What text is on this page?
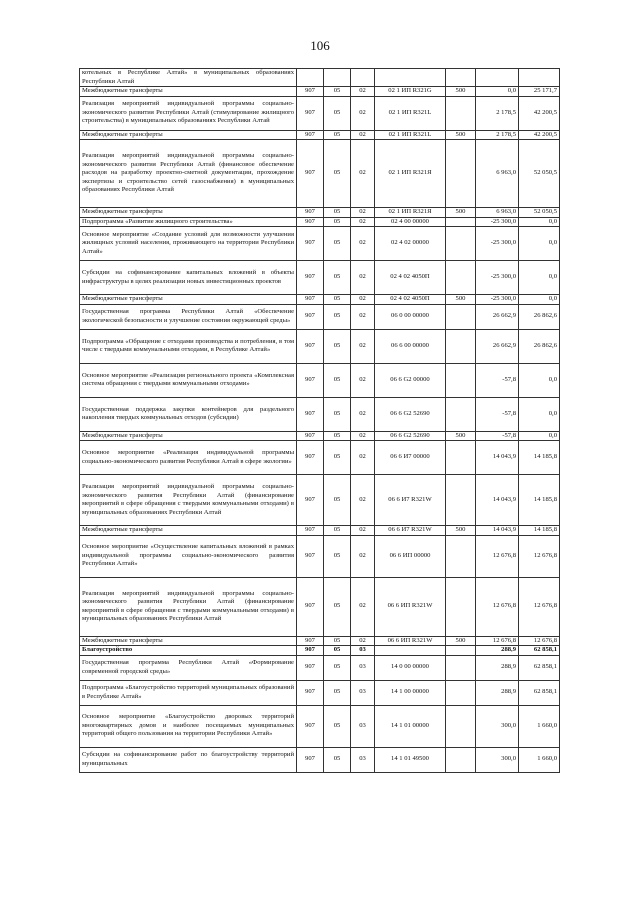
106
котельных в Республике Алтай» в муниципальных образованиях Республики Алтай							
Межбюджетные трансферты	907	05	02	02 1 ИП R321G	500	0,0	25 171,7
Реализация мероприятий индивидуальной программы социально-экономического развития Республики Алтай (стимулирование жилищного строительства) в муниципальных образованиях Республики Алтай	907	05	02	02 1 ИП R321L		2 178,5	42 200,5
Межбюджетные трансферты	907	05	02	02 1 ИП R321L	500	2 178,5	42 200,5
Реализация мероприятий индивидуальной программы социально-экономического развития Республики Алтай (финансовое обеспечение расходов на разработку проектно-сметной документации, прохождение экспертизы и строительство сетей газоснабжения) в муниципальных образованиях Республики Алтай	907	05	02	02 1 ИП R321Я		6 963,0	52 050,5
Межбюджетные трансферты	907	05	02	02 1 ИП R321Я	500	6 963,0	52 050,5
Подпрограмма «Развитие жилищного строительства»	907	05	02	02 4 00 00000		-25 300,0	0,0
Основное мероприятие «Создание условий для возможности улучшения жилищных условий населения, проживающего на территории Республики Алтай»	907	05	02	02 4 02 00000		-25 300,0	0,0
Субсидии на софинансирование капитальных вложений в объекты инфраструктуры в целях реализации новых инвестиционных проектов	907	05	02	02 4 02 4050П		-25 300,0	0,0
Межбюджетные трансферты	907	05	02	02 4 02 4050П	500	-25 300,0	0,0
Государственная программа Республики Алтай «Обеспечение экологической безопасности и улучшение состояния окружающей среды»	907	05	02	06 0 00 00000		26 662,9	26 862,6
Подпрограмма «Обращение с отходами производства и потребления, в том числе с твердыми коммунальными отходами, в Республике Алтай»	907	05	02	06 6 00 00000		26 662,9	26 862,6
Основное мероприятие «Реализация регионального проекта «Комплексная система обращения с твердыми коммунальными отходами»	907	05	02	06 6 G2 00000		-57,8	0,0
Государственная поддержка закупки контейнеров для раздельного накопления твердых коммунальных отходов (субсидии)	907	05	02	06 6 G2 52690		-57,8	0,0
Межбюджетные трансферты	907	05	02	06 6 G2 52690	500	-57,8	0,0
Основное мероприятие «Реализация индивидуальной программы социально-экономического развития Республики Алтай в сфере экологии»	907	05	02	06 6 И7 00000		14 043,9	14 185,8
Реализация мероприятий индивидуальной программы социально-экономического развития Республики Алтай (финансирование мероприятий в сфере обращения с твердыми коммунальными отходами) в муниципальных образованиях Республики Алтай	907	05	02	06 6 И7 R321W		14 043,9	14 185,8
Межбюджетные трансферты	907	05	02	06 6 И7 R321W	500	14 043,9	14 185,8
Основное мероприятие «Осуществление капитальных вложений в рамках индивидуальной программы социально-экономического развития Республики Алтай»	907	05	02	06 6 ИП 00000		12 676,8	12 676,8
Реализация мероприятий индивидуальной программы социально-экономического развития Республики Алтай (финансирование мероприятий в сфере обращения с твердыми коммунальными отходами) в муниципальных образованиях Республики Алтай	907	05	02	06 6 ИП R321W		12 676,8	12 676,8
Межбюджетные трансферты	907	05	02	06 6 ИП R321W	500	12 676,8	12 676,8
Благоустройство	907	05	03			288,9	62 858,1
Государственная программа Республики Алтай «Формирование современной городской среды»	907	05	03	14 0 00 00000		288,9	62 858,1
Подпрограмма «Благоустройство территорий муниципальных образований в Республике Алтай»	907	05	03	14 1 00 00000		288,9	62 858,1
Основное мероприятие «Благоустройство дворовых территорий многоквартирных домов и наиболее посещаемых муниципальных территорий общего пользования на территории Республики Алтай»	907	05	03	14 1 01 00000		300,0	1 660,0
Субсидии на софинансирование работ по благоустройству территорий муниципальных	907	05	03	14 1 01 49500		300,0	1 660,0
